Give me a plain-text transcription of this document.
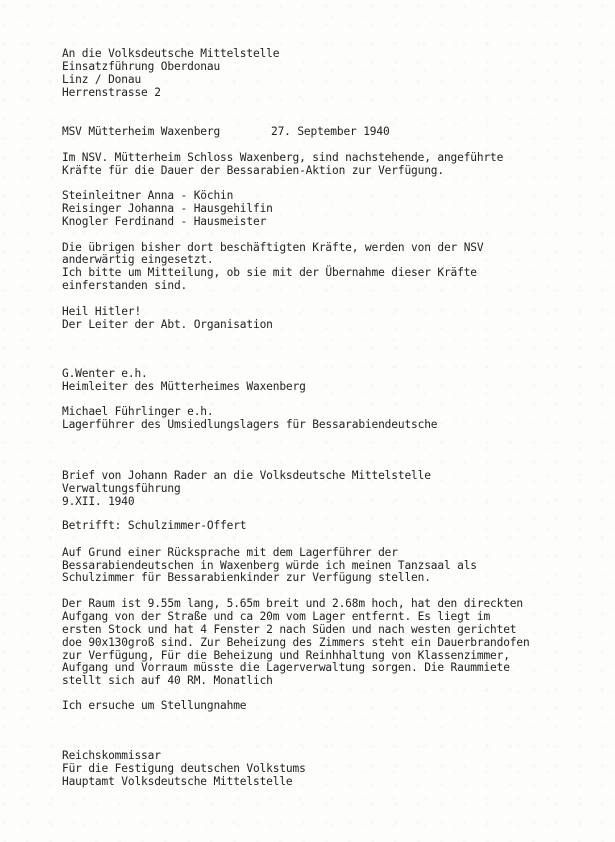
An die Volksdeutsche Mittelstelle
Einsatzführung Oberdonau
Linz / Donau
Herrenstrasse 2
MSV Mütterheim Waxenberg	27. September 1940
Im NSV. Mütterheim Schloss Waxenberg, sind nachstehende, angeführte
Kräfte für die Dauer der Bessarabien-Aktion zur Verfügung.
Steinleitner Anna - Köchin
Reisinger Johanna - Hausgehilfin
Knogler Ferdinand - Hausmeister
Die übrigen bisher dort beschäftigten Kräfte, werden von der NSV
anderwärtig eingesetzt.
Ich bitte um Mitteilung, ob sie mit der Übernahme dieser Kräfte
einferstanden sind.
Heil Hitler!
Der Leiter der Abt. Organisation
G.Wenter e.h.
Heimleiter des Mütterheimes Waxenberg
Michael Führlinger e.h.
Lagerführer des Umsiedlungslagers für Bessarabiendeutsche
Brief von Johann Rader an die Volksdeutsche Mittelstelle
Verwaltungsführung
9.XII. 1940
Betrifft: Schulzimmer-Offert
Auf Grund einer Rücksprache mit dem Lagerführer der
Bessarabiendeutschen in Waxenberg würde ich meinen Tanzsaal als
Schulzimmer für Bessarabienkinder zur Verfügung stellen.
Der Raum ist 9.55m lang, 5.65m breit und 2.68m hoch, hat den direckten
Aufgang von der Straße und ca 20m vom Lager entfernt. Es liegt im
ersten Stock und hat 4 Fenster 2 nach Süden und nach westen gerichtet
doe 90x130groß sind. Zur Beheizung des Zimmers steht ein Dauerbrandofen
zur Verfügung, Für die Beheizung und Reinhhaltung von Klassenzimmer,
Aufgang und Vorraum müsste die Lagerverwaltung sorgen. Die Raummiete
stellt sich auf 40 RM. Monatlich
Ich ersuche um Stellungnahme
Reichskommissar
Für die Festigung deutschen Volkstums
Hauptamt Volksdeutsche Mittelstelle
